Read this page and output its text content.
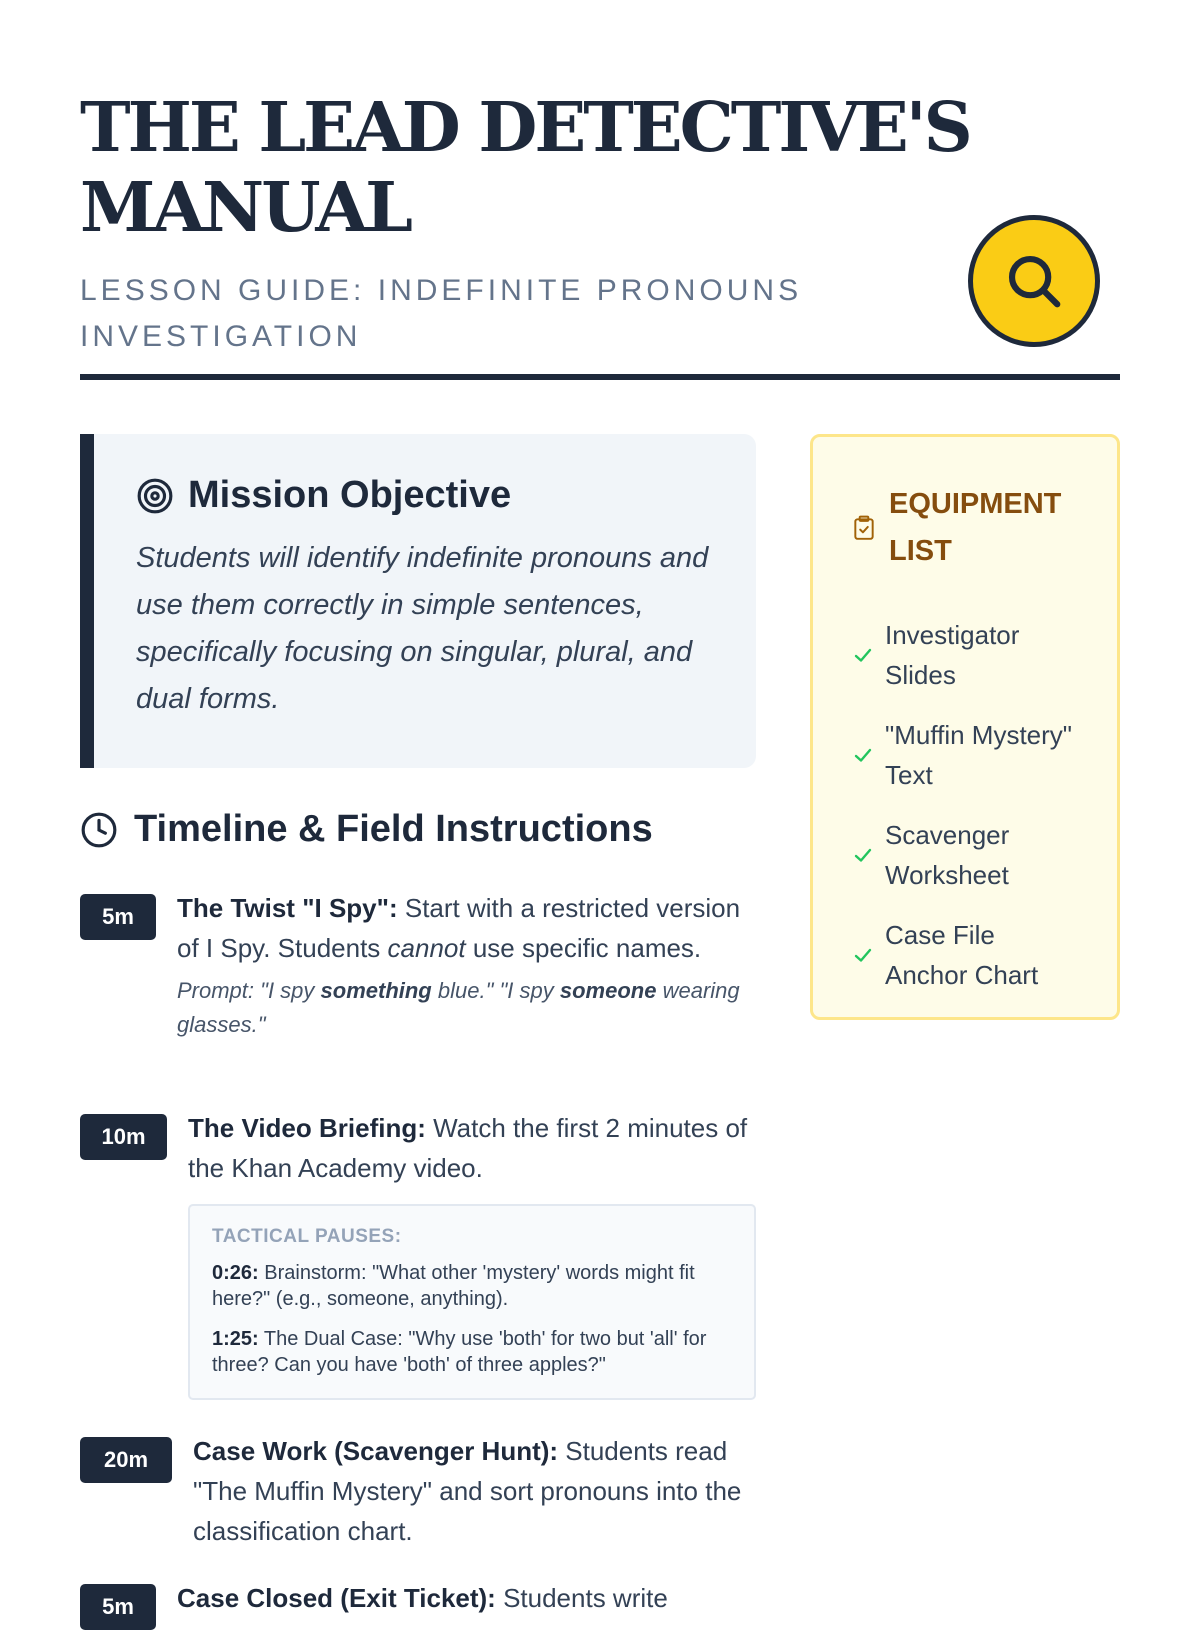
THE LEAD DETECTIVE'S MANUAL
LESSON GUIDE: INDEFINITE PRONOUNS INVESTIGATION
Mission Objective

Students will identify indefinite pronouns and use them correctly in simple sentences, specifically focusing on singular, plural, and dual forms.

Timeline & Field Instructions
5m	The Twist "I Spy": Start with a restricted version of I Spy. Students cannot use specific names.

Prompt: "I spy something blue." "I spy someone wearing glasses."

10m	The Video Briefing: Watch the first 2 minutes of the Khan Academy video.

TACTICAL PAUSES:

0:26: Brainstorm: "What other 'mystery' words might fit here?" (e.g., someone, anything).

1:25: The Dual Case: "Why use 'both' for two but 'all' for three? Can you have 'both' of three apples?"

20m	Case Work (Scavenger Hunt): Students read "The Muffin Mystery" and sort pronouns into the classification chart.

5m	Case Closed (Exit Ticket): Students write

EQUIPMENT LIST
Investigator Slides
"Muffin Mystery" Text
Scavenger Worksheet
Case File Anchor Chart
